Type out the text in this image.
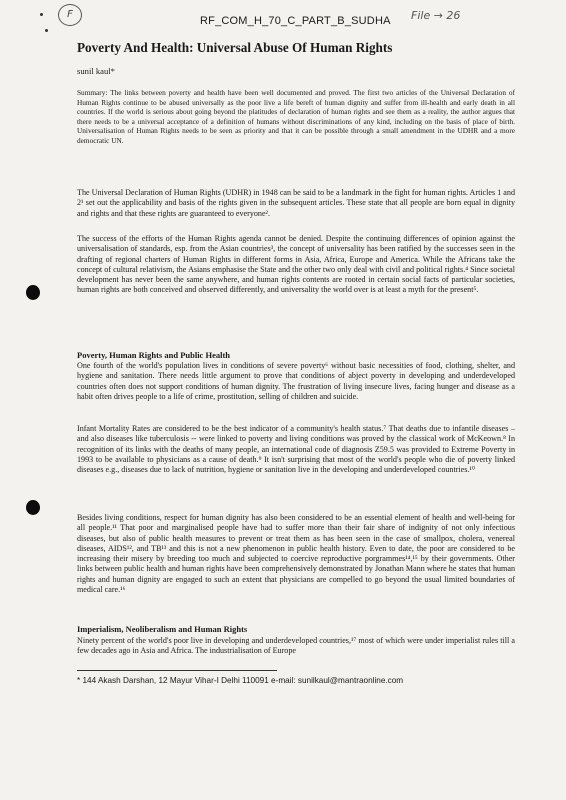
F
RF_COM_H_70_C_PART_B_SUDHA File → 26
Poverty And Health: Universal Abuse Of Human Rights
sunil kaul*
Summary: The links between poverty and health have been well documented and proved. The first two articles of the Universal Declaration of Human Rights continue to be abused universally as the poor live a life bereft of human dignity and suffer from ill-health and early death in all countries. If the world is serious about going beyond the platitudes of declaration of human rights and see them as a reality, the author argues that there needs to be a universal acceptance of a definition of humans without discriminations of any kind, including on the basis of place of birth. Universalisation of Human Rights needs to be seen as priority and that it can be possible through a small amendment in the UDHR and a more democratic UN.
The Universal Declaration of Human Rights (UDHR) in 1948 can be said to be a landmark in the fight for human rights. Articles 1 and 2¹ set out the applicability and basis of the rights given in the subsequent articles. These state that all people are born equal in dignity and rights and that these rights are guaranteed to everyone².
The success of the efforts of the Human Rights agenda cannot be denied. Despite the continuing differences of opinion against the universalisation of standards, esp. from the Asian countries³, the concept of universality has been ratified by the successes seen in the drafting of regional charters of Human Rights in different forms in Asia, Africa, Europe and America. While the Africans take the concept of cultural relativism, the Asians emphasise the State and the other two only deal with civil and political rights.⁴ Since societal development has never been the same anywhere, and human rights contents are rooted in certain social facts of particular societies, human rights are both conceived and observed differently, and universality the world over is at least a myth for the present⁵.
Poverty, Human Rights and Public Health
One fourth of the world's population lives in conditions of severe poverty⁶ without basic necessities of food, clothing, shelter, and hygiene and sanitation. There needs little argument to prove that conditions of abject poverty in developing and underdeveloped countries often does not support conditions of human dignity. The frustration of living insecure lives, facing hunger and disease as a habit often drives people to a life of crime, prostitution, selling of children and suicide.
Infant Mortality Rates are considered to be the best indicator of a community's health status.⁷ That deaths due to infantile diseases – and also diseases like tuberculosis -- were linked to poverty and living conditions was proved by the classical work of McKeown.⁸ In recognition of its links with the deaths of many people, an international code of diagnosis Z59.5 was provided to Extreme Poverty in 1993 to be available to physicians as a cause of death.⁹ It isn't surprising that most of the world's people who die of poverty linked diseases e.g., diseases due to lack of nutrition, hygiene or sanitation live in the developing and underdeveloped countries.¹⁰
Besides living conditions, respect for human dignity has also been considered to be an essential element of health and well-being for all people.¹¹ That poor and marginalised people have had to suffer more than their fair share of indignity of not only infectious diseases, but also of public health measures to prevent or treat them as has been seen in the case of smallpox, cholera, venereal diseases, AIDS¹², and TB¹³ and this is not a new phenomenon in public health history. Even to date, the poor are considered to be increasing their misery by breeding too much and subjected to coercive reproductive porgrammes¹⁴,¹⁵ by their governments. Other links between public health and human rights have been comprehensively demonstrated by Jonathan Mann where he states that human rights and human dignity are engaged to such an extent that physicians are compelled to go beyond the usual limited boundaries of medical care.¹⁶
Imperialism, Neoliberalism and Human Rights
Ninety percent of the world's poor live in developing and underdeveloped countries,¹⁷ most of which were under imperialist rules till a few decades ago in Asia and Africa. The industrialisation of Europe
* 144 Akash Darshan, 12 Mayur Vihar-I Delhi 110091 e-mail: sunilkaul@mantraonline.com
